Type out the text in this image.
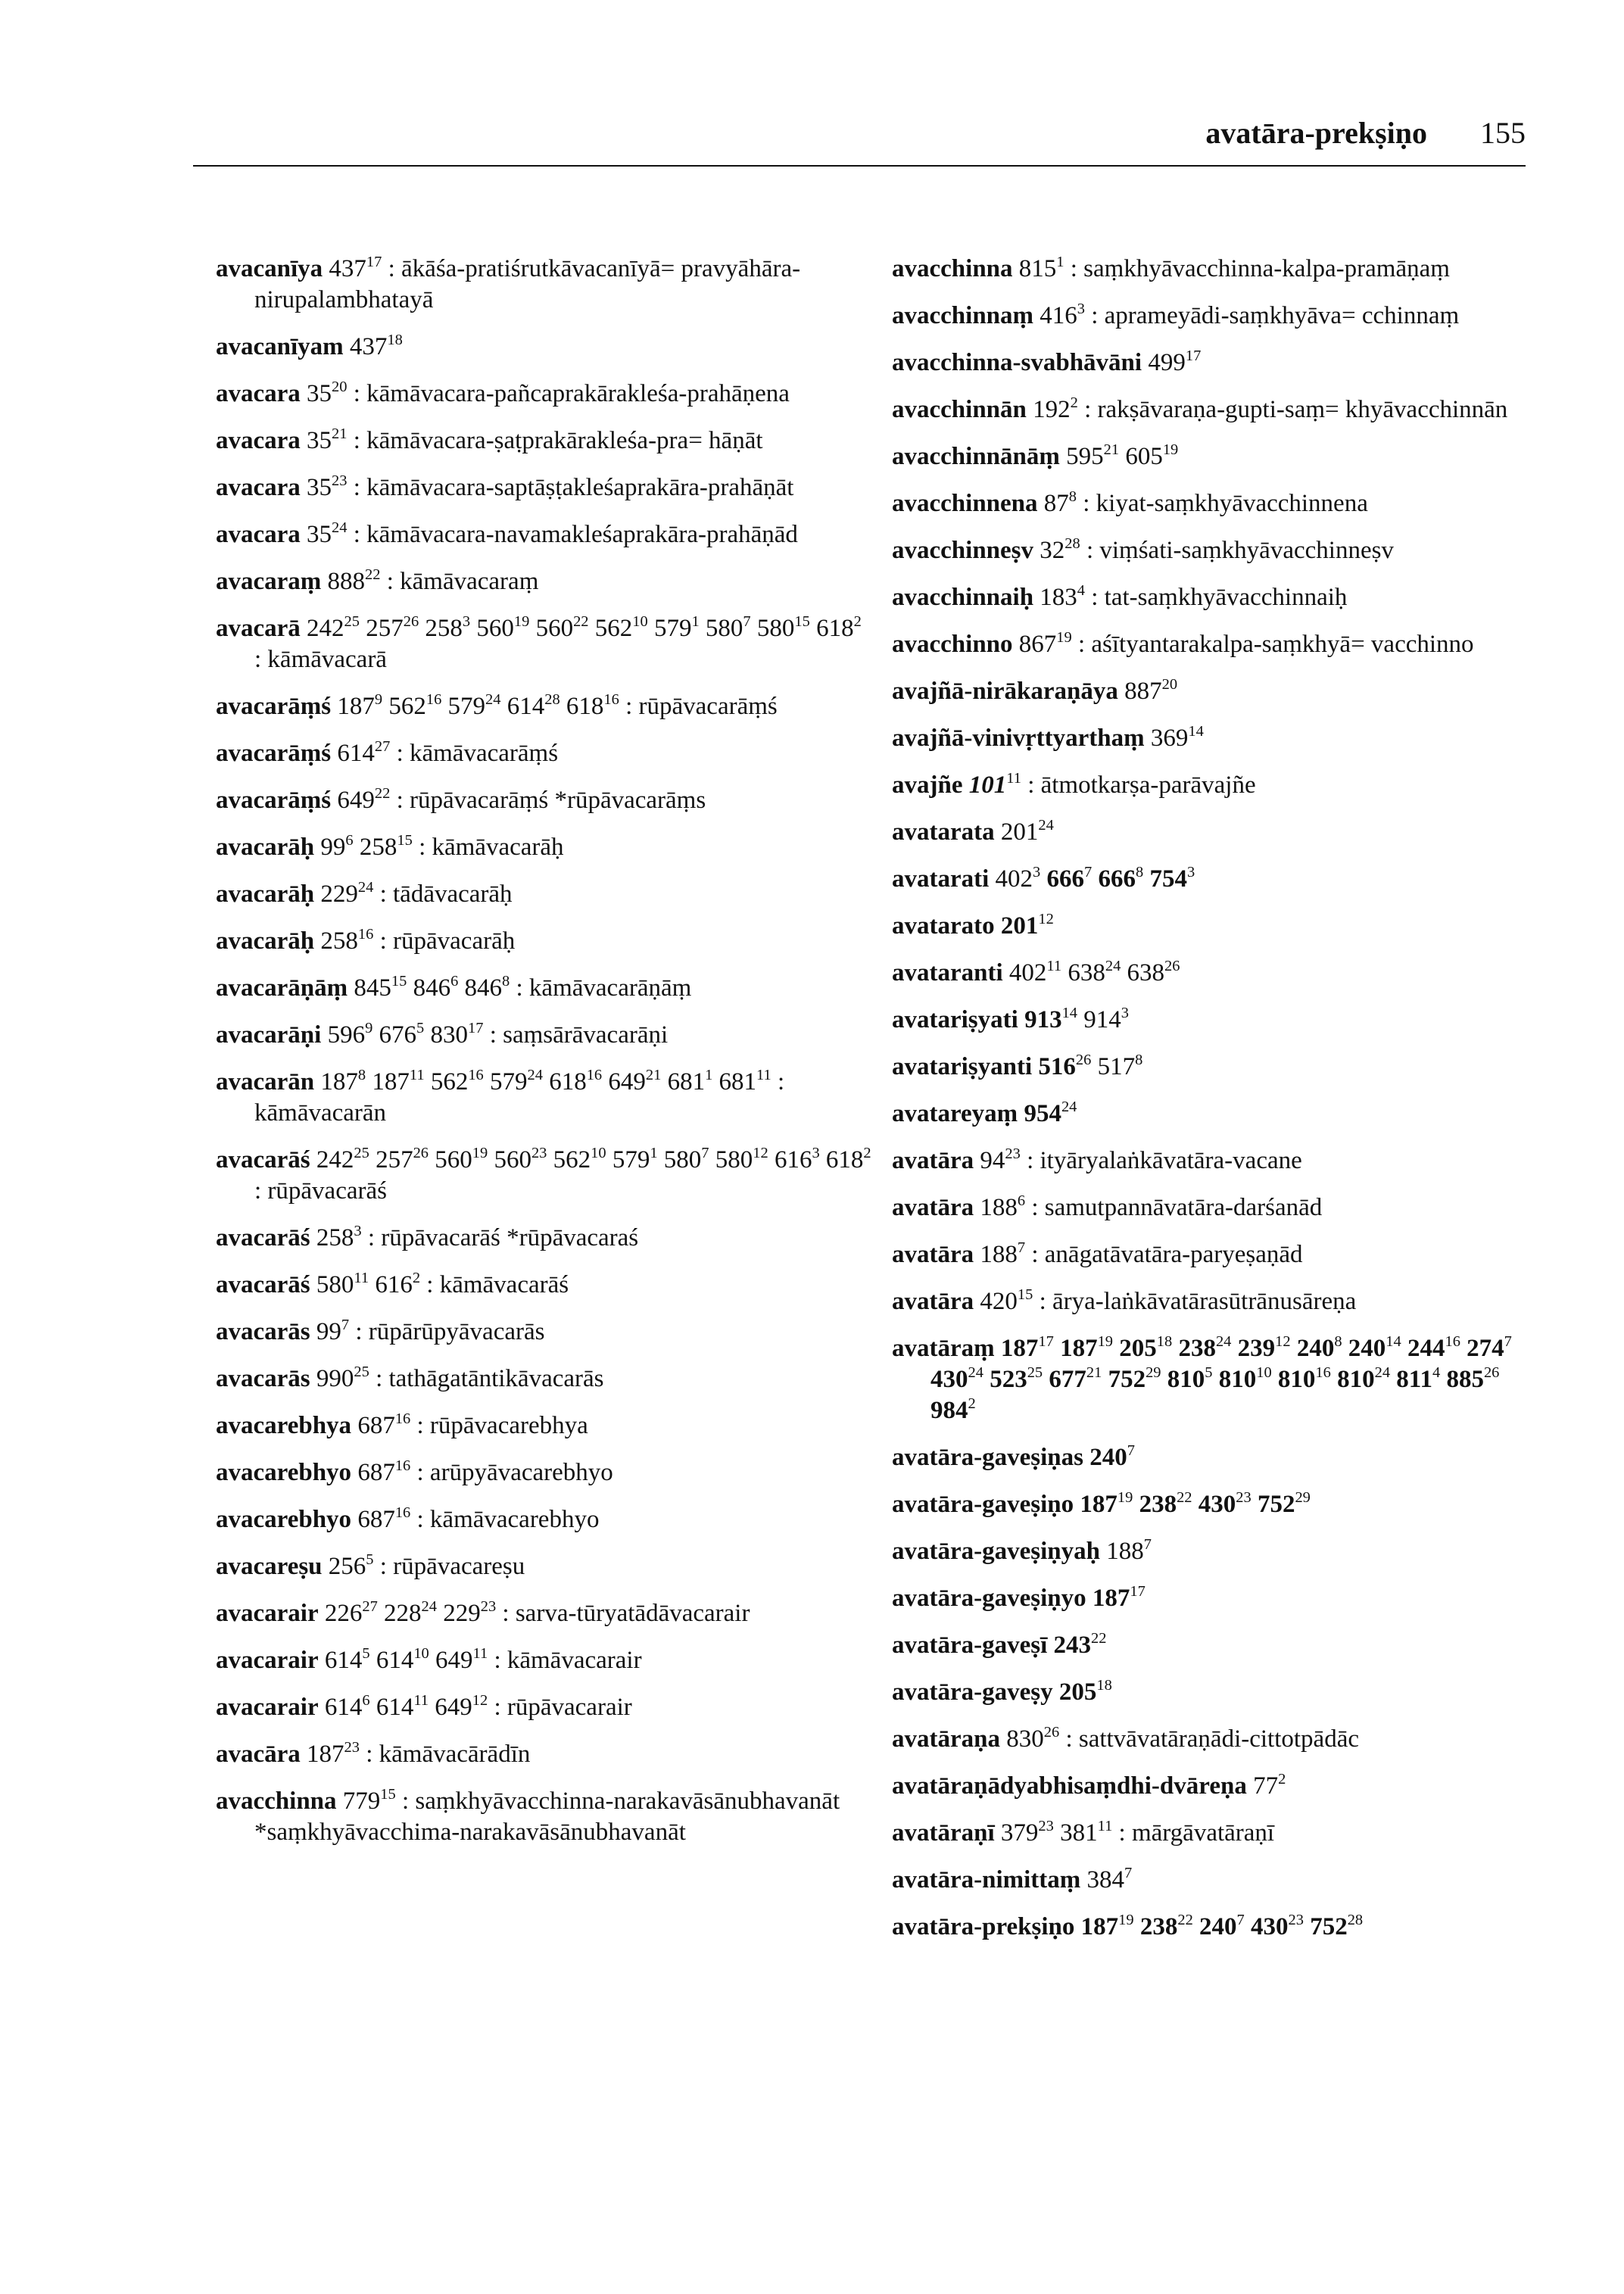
avatāra-prekṣiṇo 155
avacanīya $437^{17}$ : ākāśa-pratiśrutkāvacanīyā= pravyāhāra-nirupalambhatayā
avacanīyam $437^{18}$
avacara $35^{20}$ : kāmāvacara-pañcaprakārakleśa-prahāṇena
avacara $35^{21}$ : kāmāvacara-ṣaṭprakārakleśa-pra= hāṇāt
avacara $35^{23}$ : kāmāvacara-saptāṣṭakleśaprakāra-prahāṇāt
avacara $35^{24}$ : kāmāvacara-navamakleśaprakāra-prahāṇād
avacaraṃ $888^{22}$ : kāmāvacaraṃ
avacarā $242^{25}$ $257^{26}$ $258^3$ $560^{19}$ $560^{22}$ $562^{10}$ $579^1$ $580^7$ $580^{15}$ $618^2$ : kāmāvacarā
avacarāṃś $187^9$ $562^{16}$ $579^{24}$ $614^{28}$ $618^{16}$ : rūpāvacarāṃś
avacarāṃś $614^{27}$ : kāmāvacarāṃś
avacarāṃś $649^{22}$ : rūpāvacarāṃś *rūpāvacarāṃs
avacarāḥ $99^6$ $258^{15}$ : kāmāvacarāḥ
avacarāḥ $229^{24}$ : tādāvacarāḥ
avacarāḥ $258^{16}$ : rūpāvacarāḥ
avacarāṇāṃ $845^{15}$ $846^6$ $846^8$ : kāmāvacarāṇāṃ
avacarāṇi $596^9$ $676^5$ $830^{17}$ : saṃsārāvacarāṇi
avacarān $187^8$ $187^{11}$ $562^{16}$ $579^{24}$ $618^{16}$ $649^{21}$ $681^1$ $681^{11}$ : kāmāvacarān
avacarāś $242^{25}$ $257^{26}$ $560^{19}$ $560^{23}$ $562^{10}$ $579^1$ $580^7$ $580^{12}$ $616^3$ $618^2$ : rūpāvacarāś
avacarāś $258^3$ : rūpāvacarāś *rūpāvacaraś
avacarāś $580^{11}$ $616^2$ : kāmāvacarāś
avacarās $99^7$ : rūpārūpyāvacarās
avacarās $990^{25}$ : tathāgatāntikāvacarās
avacarebhya $687^{16}$ : rūpāvacarebhya
avacarebhyo $687^{16}$ : arūpyāvacarebhyo
avacarebhyo $687^{16}$ : kāmāvacarebhyo
avacareṣu $256^5$ : rūpāvacareṣu
avacarair $226^{27}$ $228^{24}$ $229^{23}$ : sarva-tūryatādāvacarair
avacarair $614^5$ $614^{10}$ $649^{11}$ : kāmāvacarair
avacarair $614^6$ $614^{11}$ $649^{12}$ : rūpāvacarair
avacāra $187^{23}$ : kāmāvacārādīn
avacchinna $779^{15}$ : saṃkhyāvacchinna-narakavāsānubhavanāt *saṃkhyāvacchima-narakavāsānubhavanāt
avacchinna $815^1$ : saṃkhyāvacchinna-kalpa-pramāṇaṃ
avacchinnaṃ $416^3$ : aprameyādi-saṃkhyāva= cchinnaṃ
avacchinna-svabhāvāni $499^{17}$
avacchinnān $192^2$ : rakṣāvaraṇa-gupti-saṃ= khyāvacchinnān
avacchinnānāṃ $595^{21}$ $605^{19}$
avacchinnena $87^8$ : kiyat-saṃkhyāvacchinnena
avacchinneṣv $32^{28}$ : viṃśati-saṃkhyāvacchinneṣv
avacchinnaiḥ $183^4$ : tat-saṃkhyāvacchinnaiḥ
avacchinno $867^{19}$ : aśītyantarakalpa-saṃkhyā= vacchinno
avajñā-nirākaraṇāya $887^{20}$
avajñā-vinivṛttyarthaṃ $369^{14}$
avajñe $101^{11}$ : ātmotkarṣa-parāvajñe
avatarata $201^{24}$
avatarati $402^3$ $666^7$ $666^8$ $754^3$
avatarato $201^{12}$
avataranti $402^{11}$ $638^{24}$ $638^{26}$
avatariṣyati $913^{14}$ $914^3$
avatariṣyanti $516^{26}$ $517^8$
avatareyaṃ $954^{24}$
avatāra $94^{23}$ : ityāryalaṅkāvatāra-vacane
avatāra $188^6$ : samutpannāvatāra-darśanād
avatāra $188^7$ : anāgatāvatāra-paryeṣaṇād
avatāra $420^{15}$ : ārya-laṅkāvatārasūtrānusāreṇa
avatāraṃ $187^{17}$ $187^{19}$ $205^{18}$ $238^{24}$ $239^{12}$ $240^8$ $240^{14}$ $244^{16}$ $274^7$ $430^{24}$ $523^{25}$ $677^{21}$ $752^{29}$ $810^5$ $810^{10}$ $810^{16}$ $810^{24}$ $811^4$ $885^{26}$ $984^2$
avatāra-gaveṣiṇas $240^7$
avatāra-gaveṣiṇo $187^{19}$ $238^{22}$ $430^{23}$ $752^{29}$
avatāra-gaveṣiṇyaḥ $188^7$
avatāra-gaveṣiṇyo $187^{17}$
avatāra-gaveṣī $243^{22}$
avatāra-gaveṣy $205^{18}$
avatāraṇa $830^{26}$ : sattvāvatāraṇādi-cittotpādāc
avatāraṇādyabhisaṃdhi-dvāreṇa $77^2$
avatāraṇī $379^{23}$ $381^{11}$ : mārgāvatāraṇī
avatāra-nimittaṃ $384^7$
avatāra-prekṣiṇo $187^{19}$ $238^{22}$ $240^7$ $430^{23}$ $752^{28}$
